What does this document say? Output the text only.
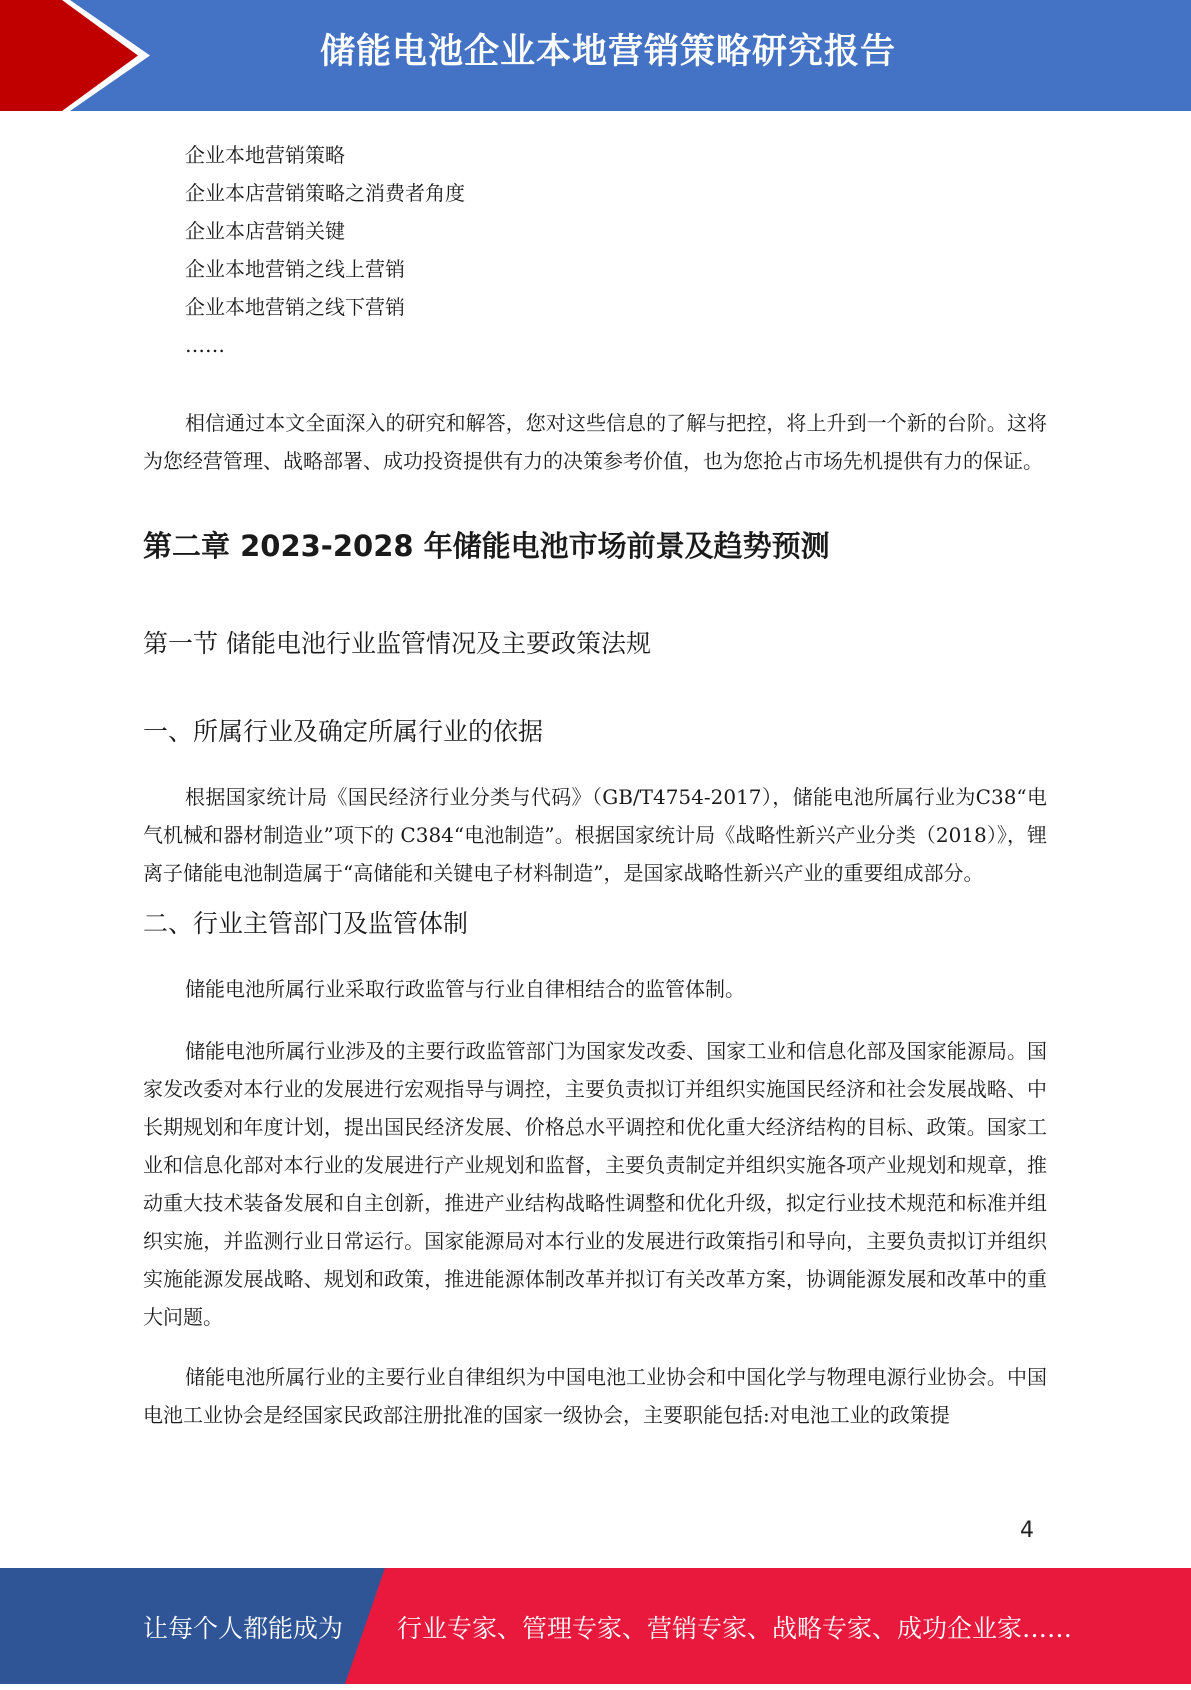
储能电池企业本地营销策略研究报告
企业本地营销策略
企业本店营销策略之消费者角度
企业本店营销关键
企业本地营销之线上营销
企业本地营销之线下营销
……

相信通过本文全面深入的研究和解答，您对这些信息的了解与把控，将上升到一个新的台阶。这将为您经营管理、战略部署、成功投资提供有力的决策参考价值，也为您抢占市场先机提供有力的保证。

第二章 2023-2028 年储能电池市场前景及趋势预测
第一节 储能电池行业监管情况及主要政策法规
一、所属行业及确定所属行业的依据

根据国家统计局《国民经济行业分类与代码》（GB/T4754-2017），储能电池所属行业为C38“电气机械和器材制造业”项下的 C384“电池制造”。根据国家统计局《战略性新兴产业分类（2018）》，锂离子储能电池制造属于“高储能和关键电子材料制造”，是国家战略性新兴产业的重要组成部分。

二、行业主管部门及监管体制

储能电池所属行业采取行政监管与行业自律相结合的监管体制。

储能电池所属行业涉及的主要行政监管部门为国家发改委、国家工业和信息化部及国家能源局。国家发改委对本行业的发展进行宏观指导与调控，主要负责拟订并组织实施国民经济和社会发展战略、中长期规划和年度计划，提出国民经济发展、价格总水平调控和优化重大经济结构的目标、政策。国家工业和信息化部对本行业的发展进行产业规划和监督，主要负责制定并组织实施各项产业规划和规章，推动重大技术装备发展和自主创新，推进产业结构战略性调整和优化升级，拟定行业技术规范和标准并组织实施，并监测行业日常运行。国家能源局对本行业的发展进行政策指引和导向，主要负责拟订并组织实施能源发展战略、规划和政策，推进能源体制改革并拟订有关改革方案，协调能源发展和改革中的重大问题。

储能电池所属行业的主要行业自律组织为中国电池工业协会和中国化学与物理电源行业协会。中国电池工业协会是经国家民政部注册批准的国家一级协会，主要职能包括:对电池工业的政策提

4
让每个人都能成为 行业专家、管理专家、营销专家、战略专家、成功企业家……
